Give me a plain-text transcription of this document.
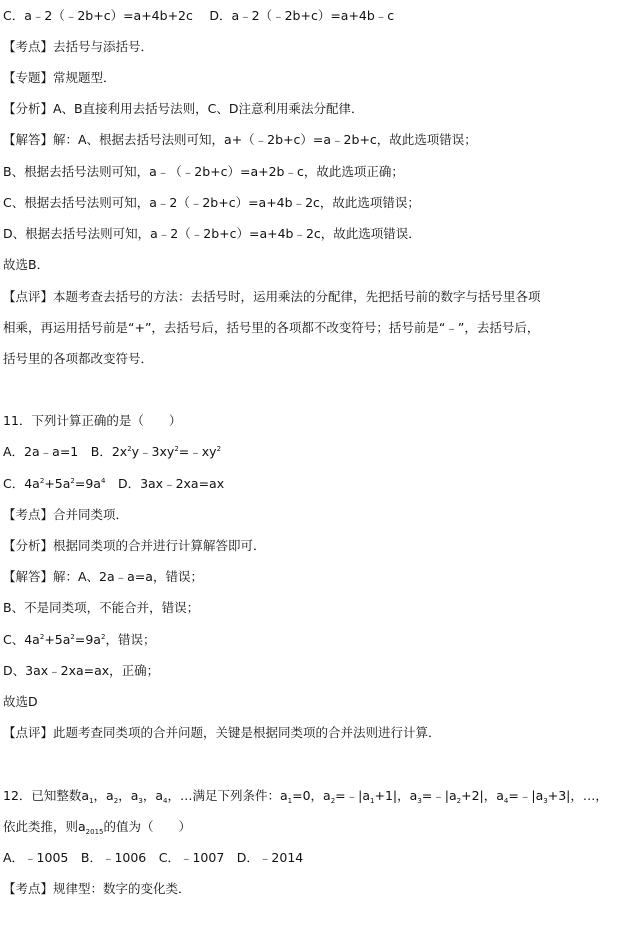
C．a﹣2（﹣2b+c）=a+4b+2c　 D．a﹣2（﹣2b+c）=a+4b﹣c
【考点】去括号与添括号．
【专题】常规题型．
【分析】A、B直接利用去括号法则，C、D注意利用乘法分配律．
【解答】解：A、根据去括号法则可知，a+（﹣2b+c）=a﹣2b+c，故此选项错误；
B、根据去括号法则可知，a﹣（﹣2b+c）=a+2b﹣c，故此选项正确；
C、根据去括号法则可知，a﹣2（﹣2b+c）=a+4b﹣2c，故此选项错误；
D、根据去括号法则可知，a﹣2（﹣2b+c）=a+4b﹣2c，故此选项错误．
故选B．
【点评】本题考查去括号的方法：去括号时，运用乘法的分配律，先把括号前的数字与括号里各项
相乘，再运用括号前是“+”，去括号后，括号里的各项都不改变符号；括号前是“﹣”，去括号后，
括号里的各项都改变符号．
11．下列计算正确的是（　　）
A．2a﹣a=1　B．$2x^2y﹣3xy^2=﹣xy^2$
C．$4a^2+5a^2=9a^4$　D．3ax﹣2xa=ax
【考点】合并同类项．
【分析】根据同类项的合并进行计算解答即可．
【解答】解：A、2a﹣a=a，错误；
B、不是同类项，不能合并，错误；
C、$4a^2+5a^2=9a^2$，错误；
D、3ax﹣2xa=ax，正确；
故选D
【点评】此题考查同类项的合并问题，关键是根据同类项的合并法则进行计算．
12．已知整数$a_1$，$a_2$，$a_3$，$a_4$，…满足下列条件：$a_1=0$，$a_2=﹣|a_1+1|$，$a_3=﹣|a_2+2|$，$a_4=﹣|a_3+3|$，…，
依此类推，则$a_{2015}$的值为（　　）
A．﹣1005　B．﹣1006　C．﹣1007　D．﹣2014
【考点】规律型：数字的变化类．
